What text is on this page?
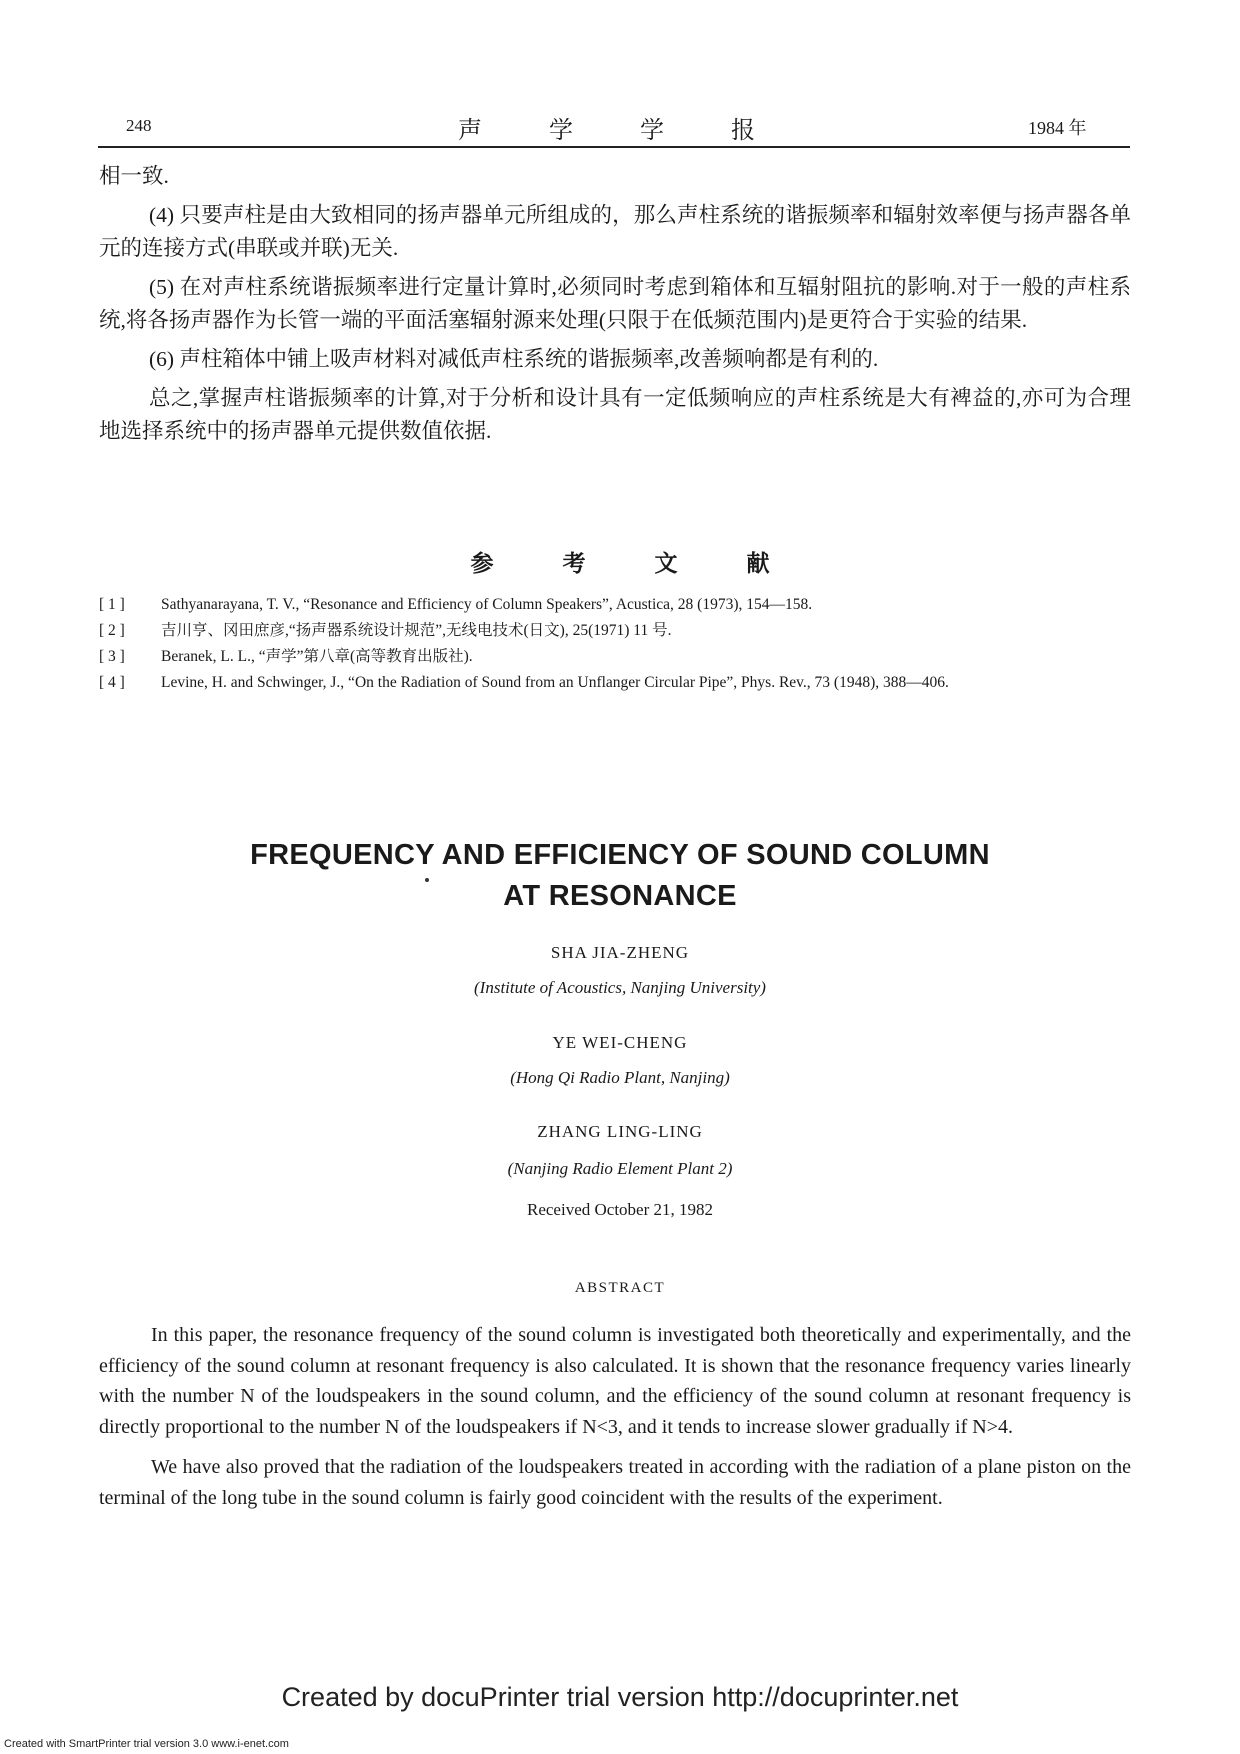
248	声	学	学	报	1984 年

相一致.

(4) 只要声柱是由大致相同的扬声器单元所组成的，那么声柱系统的谐振频率和辐射效率便与扬声器各单元的连接方式(串联或并联)无关.

(5) 在对声柱系统谐振频率进行定量计算时,必须同时考虑到箱体和互辐射阻抗的影响.对于一般的声柱系统,将各扬声器作为长管一端的平面活塞辐射源来处理(只限于在低频范围内)是更符合于实验的结果.

(6) 声柱箱体中铺上吸声材料对减低声柱系统的谐振频率,改善频响都是有利的.

总之,掌握声柱谐振频率的计算,对于分析和设计具有一定低频响应的声柱系统是大有裨益的,亦可为合理地选择系统中的扬声器单元提供数值依据.

参	考	文	献
[ 1 ] Sathyanarayana, T. V., “Resonance and Efficiency of Column Speakers”, Acustica, 28 (1973), 154—158.
[ 2 ] 吉川亨、冈田庶彦,“扬声器系统设计规范”,无线电技术(日文), 25(1971) 11 号.
[ 3 ] Beranek, L. L., “声学”第八章(高等教育出版社).
[ 4 ] Levine, H. and Schwinger, J., “On the Radiation of Sound from an Unflanger Circular Pipe”, Phys. Rev., 73 (1948), 388—406.
FREQUENCY AND EFFICIENCY OF SOUND COLUMN
AT RESONANCE
SHA JIA-ZHENG
(Institute of Acoustics, Nanjing University)
YE WEI-CHENG
(Hong Qi Radio Plant, Nanjing)
ZHANG LING-LING
(Nanjing Radio Element Plant 2)
Received October 21, 1982
ABSTRACT

In this paper, the resonance frequency of the sound column is investigated both theoretically and experimentally, and the efficiency of the sound column at resonant frequency is also calculated. It is shown that the resonance frequency varies linearly with the number N of the loudspeakers in the sound column, and the efficiency of the sound column at resonant frequency is directly proportional to the number N of the loudspeakers if N<3, and it tends to increase slower gradually if N>4.

We have also proved that the radiation of the loudspeakers treated in according with the radiation of a plane piston on the terminal of the long tube in the sound column is fairly good coincident with the results of the experiment.

Created by docuPrinter trial version http://docuprinter.net
Created with SmartPrinter trial version 3.0 www.i-enet.com
